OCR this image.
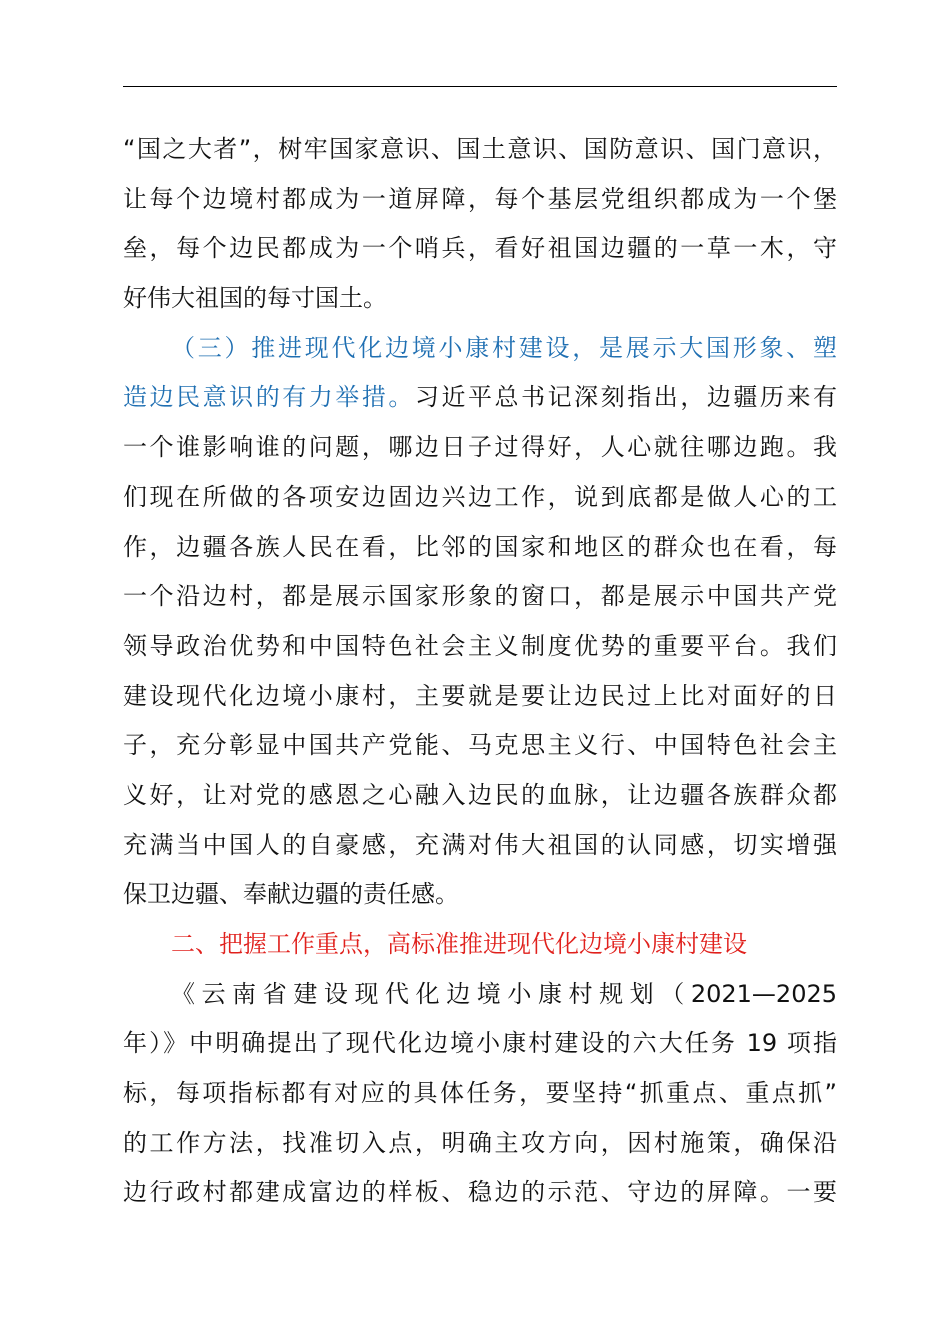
“国之大者”，树牢国家意识、国土意识、国防意识、国门意识，
让每个边境村都成为一道屏障，每个基层党组织都成为一个堡
垒，每个边民都成为一个哨兵，看好祖国边疆的一草一木，守
好伟大祖国的每寸国土。
（三）推进现代化边境小康村建设，是展示大国形象、塑
造边民意识的有力举措。习近平总书记深刻指出，边疆历来有
一个谁影响谁的问题，哪边日子过得好，人心就往哪边跑。我
们现在所做的各项安边固边兴边工作，说到底都是做人心的工
作，边疆各族人民在看，比邻的国家和地区的群众也在看，每
一个沿边村，都是展示国家形象的窗口，都是展示中国共产党
领导政治优势和中国特色社会主义制度优势的重要平台。我们
建设现代化边境小康村，主要就是要让边民过上比对面好的日
子，充分彰显中国共产党能、马克思主义行、中国特色社会主
义好，让对党的感恩之心融入边民的血脉，让边疆各族群众都
充满当中国人的自豪感，充满对伟大祖国的认同感，切实增强
保卫边疆、奉献边疆的责任感。
二、把握工作重点，高标准推进现代化边境小康村建设
《云南省建设现代化边境小康村规划（2021—2025
年）》中明确提出了现代化边境小康村建设的六大任务 19 项指
标，每项指标都有对应的具体任务，要坚持“抓重点、重点抓”
的工作方法，找准切入点，明确主攻方向，因村施策，确保沿
边行政村都建成富边的样板、稳边的示范、守边的屏障。一要
